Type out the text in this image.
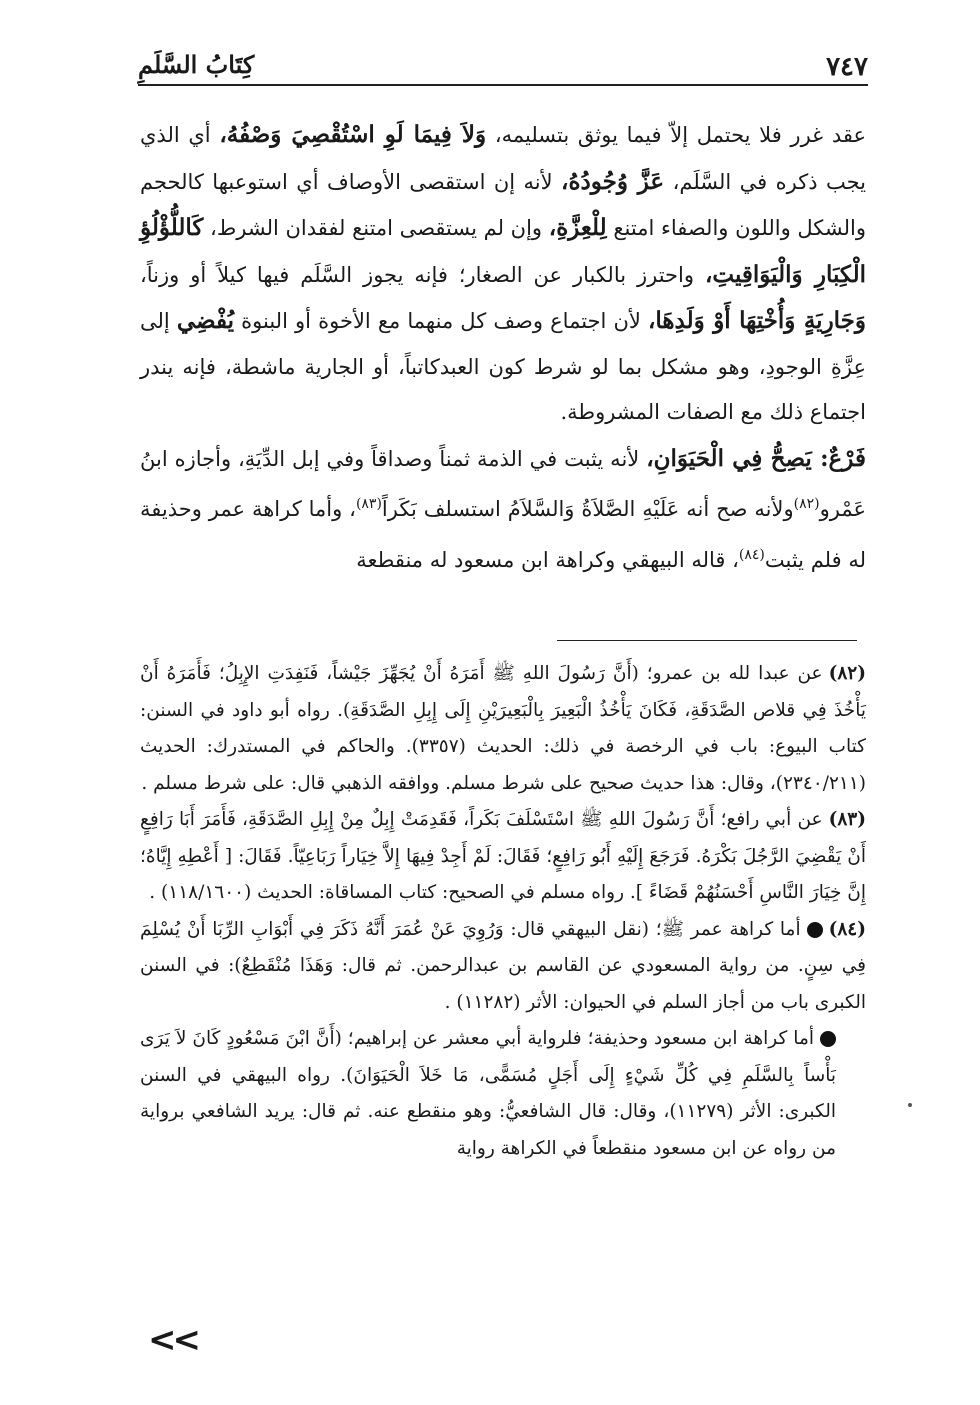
٧٤٧
كِتَابُ السَّلَمِ

عقد غرر فلا يحتمل إلاّ فيما يوثق بتسليمه، وَلاَ فِيمَا لَوِ اسْتُقْصِيَ وَصْفُهُ، أي الذي يجب ذكره في السَّلَم، عَزَّ وُجُودُهُ، لأنه إن استقصى الأوصاف أي استوعبها كالحجم والشكل واللون والصفاء امتنع لِلْعِزَّةِ، وإن لم يستقصى امتنع لفقدان الشرط، كَاللُّؤْلُؤِ الْكِبَارِ وَالْيَوَاقِيتِ، واحترز بالكبار عن الصغار؛ فإنه يجوز السَّلَم فيها كيلاً أو وزناً، وَجَارِيَةٍ وَأُخْتِهَا أَوْ وَلَدِهَا، لأن اجتماع وصف كل منهما مع الأخوة أو البنوة يُفْضِي إلى عِزَّةِ الوجودِ، وهو مشكل بما لو شرط كون العبدكاتباً، أو الجارية ماشطة، فإنه يندر اجتماع ذلك مع الصفات المشروطة.

فَرْعٌ: يَصِحُّ فِي الْحَيَوَانِ، لأنه يثبت في الذمة ثمناً وصداقاً وفي إبل الدِّيَةِ، وأجازه ابنُ عَمْرو$^{(٨٢)}$ولأنه صح أنه عَلَيْهِ الصَّلاَةُ وَالسَّلاَمُ استسلف بَكَراً$^{(٨٣)}$، وأما كراهة عمر وحذيفة له فلم يثبت$^{(٨٤)}$، قاله البيهقي وكراهة ابن مسعود له منقطعة

(٨٢)عن عبدا لله بن عمرو؛ (أَنَّ رَسُولَ اللهِ ﷺ أَمَرَهُ أَنْ يُجَهِّزَ جَيْشاً، فَنَفِدَتِ الإِبِلُ؛ فَأَمَرَهُ أَنْ يَأْخُذَ فِي قلاص الصَّدَقَةِ، فَكَانَ يَأْخُذُ الْبَعِيرَ بِالْبَعِيرَيْنِ إِلَى إِبِلِ الصَّدَقَةِ). رواه أبو داود في السنن: كتاب البيوع: باب في الرخصة في ذلك: الحديث (٣٣٥٧). والحاكم في المستدرك: الحديث (٢٣٤٠/٢١١)، وقال: هذا حديث صحيح على شرط مسلم. ووافقه الذهبي قال: على شرط مسلم .

(٨٣)عن أبي رافع؛ أَنَّ رَسُولَ اللهِ ﷺ اسْتَسْلَفَ بَكَراً، فَقَدِمَتْ إِبِلٌ مِنْ إِبِلِ الصَّدَقَةِ، فَأَمَرَ أَبَا رَافِعٍ أَنْ يَقْضِيَ الرَّجُلَ بَكْرَهُ. فَرَجَعَ إِلَيْهِ أَبُو رَافِعٍ؛ فَقَالَ: لَمْ أَجِدْ فِيهَا إِلاَّ خِيَاراً رَبَاعِيّاً. فَقَالَ: [ أَعْطِهِ إِيَّاهُ؛ إِنَّ خِيَارَ النَّاسِ أَحْسَنُهُمْ قَضَاءً ]. رواه مسلم في الصحيح: كتاب المساقاة: الحديث (١١٨/١٦٠٠) .

(٨٤)أما كراهة عمر ﷺ؛ (نقل البيهقي قال: وَرُوِيَ عَنْ عُمَرَ أَنَّهُ ذَكَرَ فِي أَبْوَابِ الرِّبَا أَنْ يُسْلِمَ فِي سِنٍ. من رواية المسعودي عن القاسم بن عبدالرحمن. ثم قال: وَهَذَا مُنْقَطِعٌ): في السنن الكبرى باب من أجاز السلم في الحيوان: الأثر (١١٢٨٢) .

أما كراهة ابن مسعود وحذيفة؛ فلرواية أبي معشر عن إبراهيم؛ (أَنَّ ابْنَ مَسْعُودٍ كَانَ لاَ يَرَى بَأْساً بِالسَّلَمِ فِي كُلِّ شَيْءٍ إِلَى أَجَلٍ مُسَمًّى، مَا خَلاَ الْحَيَوَانَ). رواه البيهقي في السنن الكبرى: الأثر (١١٢٧٩)، وقال: قال الشافعيُّ: وهو منقطع عنه. ثم قال: يريد الشافعي برواية من رواه عن ابن مسعود منقطعاً في الكراهة رواية

<<
